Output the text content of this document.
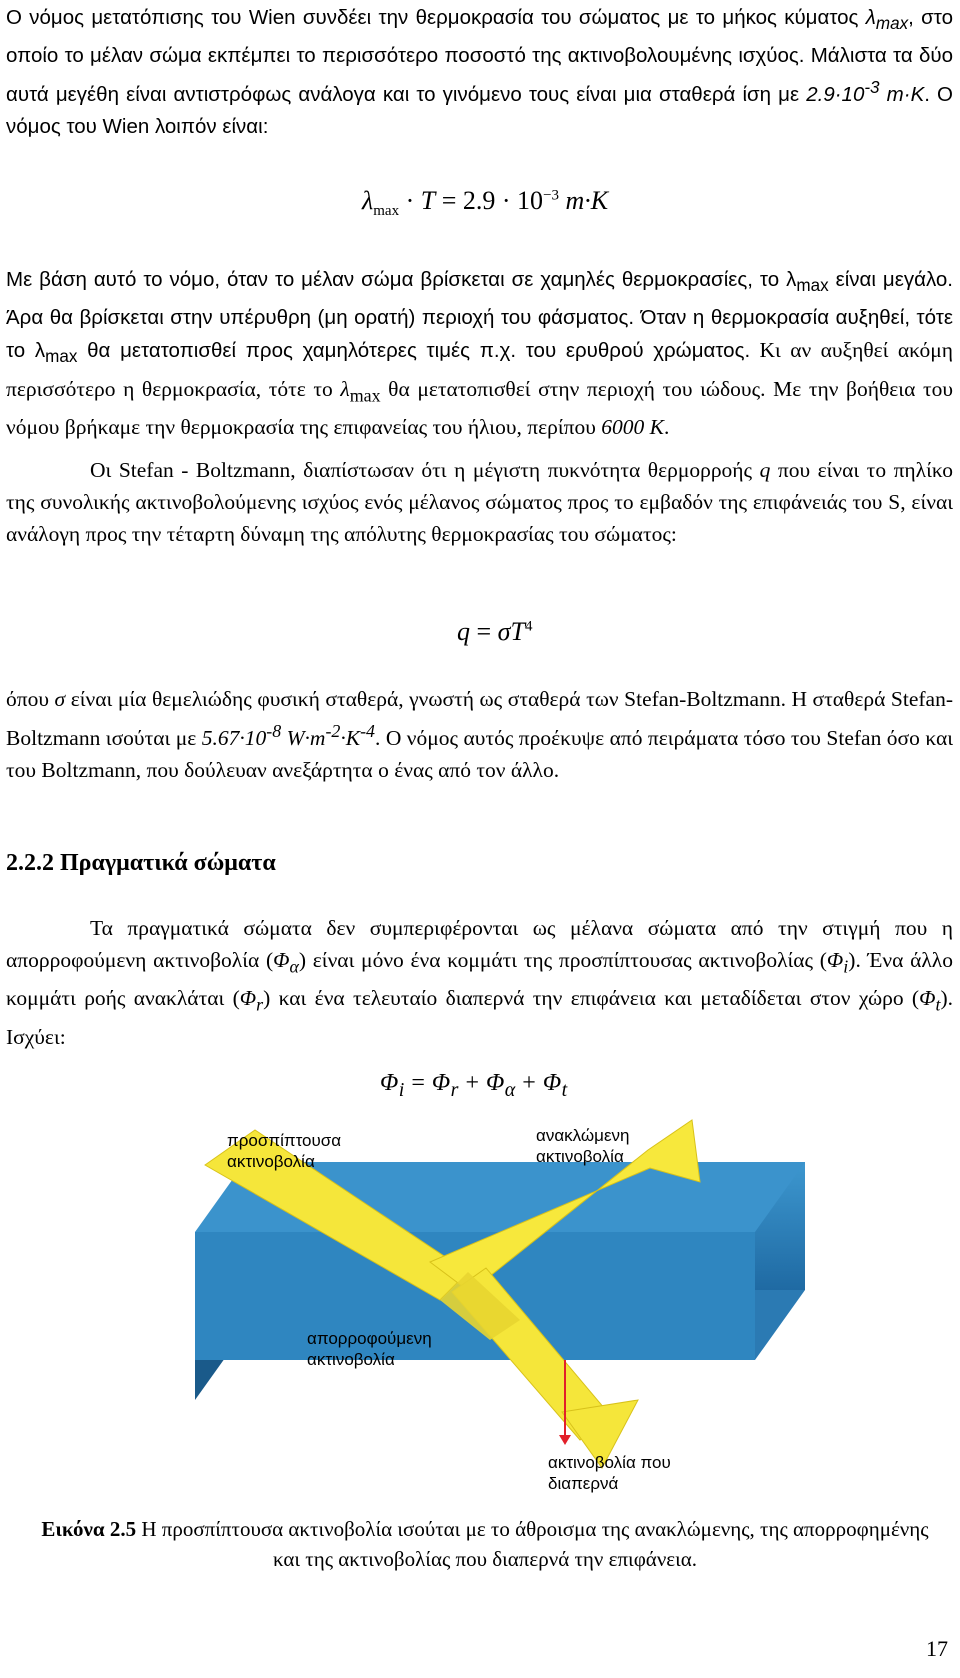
Ο νόμος μετατόπισης του Wien συνδέει την θερμοκρασία του σώματος με το μήκος κύματος $\lambda_{max}$, στο οποίο το μέλαν σώμα εκπέμπει το περισσότερο ποσοστό της ακτινοβολουμένης ισχύος. Μάλιστα τα δύο αυτά μεγέθη είναι αντιστρόφως ανάλογα και το γινόμενο τους είναι μια σταθερά ίση με $2.9\cdot 10^{-3}$ m·K. Ο νόμος του Wien λοιπόν είναι:
$\lambda_{max} \cdot T = 2.9 \cdot 10^{-3}$ m·K
Με βάση αυτό το νόμο, όταν το μέλαν σώμα βρίσκεται σε χαμηλές θερμοκρασίες, το $\lambda_{max}$ είναι μεγάλο. Άρα θα βρίσκεται στην υπέρυθρη (μη ορατή) περιοχή του φάσματος. Όταν η θερμοκρασία αυξηθεί, τότε το $\lambda_{max}$ θα μετατοπισθεί προς χαμηλότερες τιμές π.χ. του ερυθρού χρώματος. Κι αν αυξηθεί ακόμη περισσότερο η θερμοκρασία, τότε το $\lambda_{max}$ θα μετατοπισθεί στην περιοχή του ιώδους. Με την βοήθεια του νόμου βρήκαμε την θερμοκρασία της επιφανείας του ήλιου, περίπου 6000 K.
Οι Stefan - Boltzmann, διαπίστωσαν ότι η μέγιστη πυκνότητα θερμορροής q που είναι το πηλίκο της συνολικής ακτινοβολούμενης ισχύος ενός μέλανος σώματος προς το εμβαδόν της επιφάνειάς του S, είναι ανάλογη προς την τέταρτη δύναμη της απόλυτης θερμοκρασίας του σώματος:
$q = \sigma T^4$
όπου σ είναι μία θεμελιώδης φυσική σταθερά, γνωστή ως σταθερά των Stefan-Boltzmann. Η σταθερά Stefan-Boltzmann ισούται με $5.67\cdot 10^{-8}$ $W\cdot m^{-2}\cdot K^{-4}$. Ο νόμος αυτός προέκυψε από πειράματα τόσο του Stefan όσο και του Boltzmann, που δούλευαν ανεξάρτητα ο ένας από τον άλλο.
2.2.2 Πραγματικά σώματα
Τα πραγματικά σώματα δεν συμπεριφέρονται ως μέλανα σώματα από την στιγμή που η απορροφούμενη ακτινοβολία $(\Phi_\alpha)$ είναι μόνο ένα κομμάτι της προσπίπτουσας ακτινοβολίας $(\Phi_i)$. Ένα άλλο κομμάτι ροής ανακλάται $(\Phi_r)$ και ένα τελευταίο διαπερνά την επιφάνεια και μεταδίδεται στον χώρο $(\Phi_t)$. Ισχύει:
$\Phi_i = \Phi_r + \Phi_\alpha + \Phi_t$
προσπίπτουσα
ακτινοβολία
ανακλώμενη
ακτινοβολία
απορροφούμενη
ακτινοβολία
ακτινοβολία που
διαπερνά
Εικόνα 2.5 Η προσπίπτουσα ακτινοβολία ισούται με το άθροισμα της ανακλώμενης, της απορροφημένης και της ακτινοβολίας που διαπερνά την επιφάνεια.
17
